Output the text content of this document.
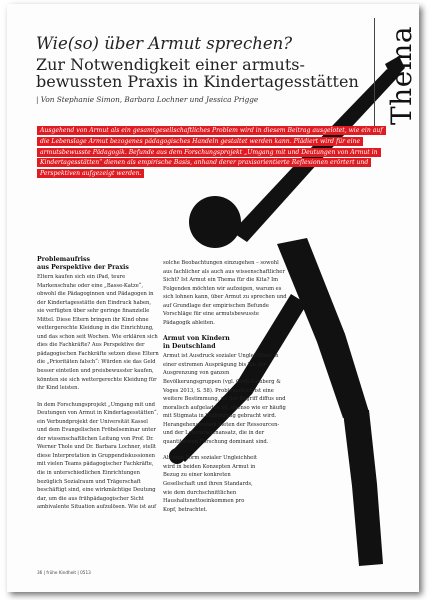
Thema
Wie(so) über Armut sprechen?
Zur Notwendigkeit einer armuts-
bewussten Praxis in Kindertagesstätten
| Von Stephanie Simon, Barbara Lochner und Jessica Prigge
Ausgehend von Armut als ein gesamtgesellschaftliches Problem wird in diesem Beitrag ausgelotet, wie ein auf die Lebenslage Armut bezogenes pädagogisches Handeln gestaltet werden kann. Plädiert wird für eine armutsbewusste Pädagogik. Befunde aus dem Forschungsprojekt „Umgang mit und Deutungen von Armut in Kindertagesstätten“ dienen als empirische Basis, anhand derer praxisorientierte Reflexionen erörtert und Perspektiven aufgezeigt werden.
Problemaufriss
aus Perspektive der Praxis

Eltern kaufen sich ein iPad, teure Markenschuhe oder eine „Basse-Katze“, obwohl die Pädagoginnen und Pädagogen in der Kindertagesstätte den Eindruck haben, sie verfügten über sehr geringe finanzielle Mittel. Diese Eltern bringen ihr Kind ohne wettergerechte Kleidung in die Einrichtung, und das schon seit Wochen. Wie erklären sich dies die Fachkräfte? Aus Perspektive der pädagogischen Fachkräfte setzen diese Eltern die „Prioritäten falsch“: Würden sie das Geld besser einteilen und preisbewusster kaufen, könnten sie sich wettergerechte Kleidung für ihr Kind leisten.

In dem Forschungsprojekt „Umgang mit und Deutungen von Armut in Kindertagesstätten“, ein Verbundprojekt der Universität Kassel und dem Evangelischen Fröbelseminar unter der wissenschaftlichen Leitung von Prof. Dr. Werner Thole und Dr. Barbara Lochner, stellt diese Interpretation in Gruppendiskussionen mit vielen Teams pädagogischer Fachkräfte, die in unterschiedlichen Einrichtungen bezüglich Sozialraum und Trägerschaft beschäftigt sind, eine wirkmächtige Deutung dar, um die aus frühpädagogischer Sicht ambivalente Situation aufzulösen. Wie ist auf

solche Beobachtungen einzugehen – sowohl aus fachlicher als auch aus wissenschaftlicher Sicht? Ist Armut ein Thema für die Kita? Im Folgenden möchten wir aufzeigen, warum es sich lohnen kann, über Armut zu sprechen und auf Grundlage der empirischen Befunde Vorschläge für eine armutsbewusste Pädagogik ableiten.

Armut von Kindern
in Deutschland

Armut ist Ausdruck sozialer Ungleichheit in einer extremen Ausprägung bis hin zur Ausgrenzung von ganzen Bevölkerungsgruppen (vgl. Groh-Samberg & Voges 2013, S. 58). Problematisch ist eine weitere Bestimmung, da der Begriff diffus und moralisch aufgeladen ist, ebenso wie er häufig mit Stigmata in Verbindung gebracht wird. Herangehensweisen bieten der Ressourcen- und der Lebenslagenansatz, die in der quantitativen Forschung dominant sind.

Als eine Form sozialer Ungleichheit wird in beiden Konzepten Armut in Bezug zu einer konkreten Gesellschaft und ihren Standards, wie dem durchschnittlichen Haushaltsnettoeinkommen pro Kopf, betrachtet.

36 | frühe Kindheit | 0513
